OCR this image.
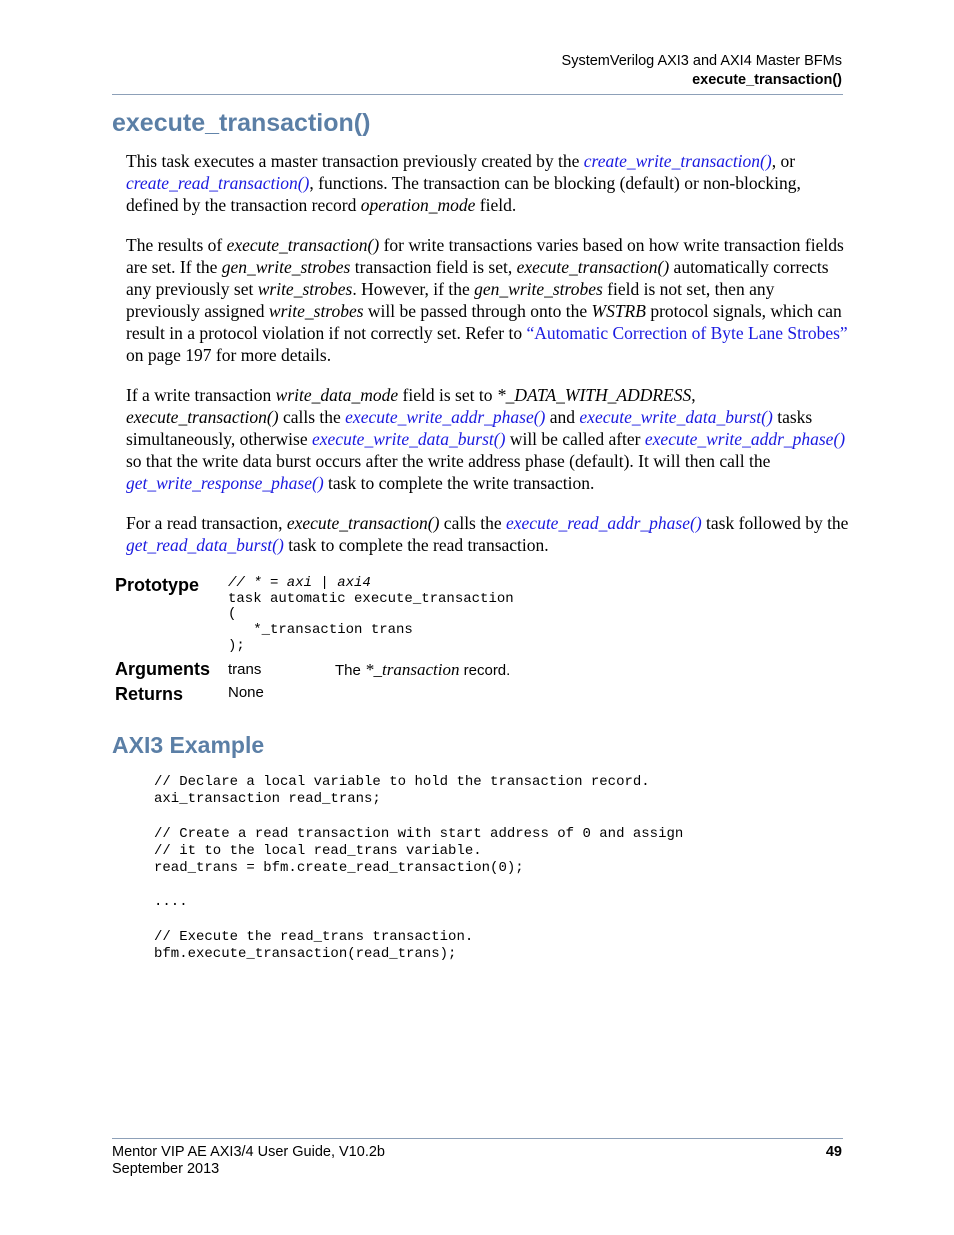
SystemVerilog AXI3 and AXI4 Master BFMs
execute_transaction()
execute_transaction()

This task executes a master transaction previously created by the create_write_transaction(), or create_read_transaction(), functions. The transaction can be blocking (default) or non-blocking, defined by the transaction record operation_mode field.

The results of execute_transaction() for write transactions varies based on how write transaction fields are set. If the gen_write_strobes transaction field is set, execute_transaction() automatically corrects any previously set write_strobes. However, if the gen_write_strobes field is not set, then any previously assigned write_strobes will be passed through onto the WSTRB protocol signals, which can result in a protocol violation if not correctly set. Refer to “Automatic Correction of Byte Lane Strobes” on page 197 for more details.

If a write transaction write_data_mode field is set to *_DATA_WITH_ADDRESS, execute_transaction() calls the execute_write_addr_phase() and execute_write_data_burst() tasks simultaneously, otherwise execute_write_data_burst() will be called after execute_write_addr_phase() so that the write data burst occurs after the write address phase (default). It will then call the get_write_response_phase() task to complete the write transaction.

For a read transaction, execute_transaction() calls the execute_read_addr_phase() task followed by the get_read_data_burst() task to complete the read transaction.

Prototype // * = axi | axi4
task automatic execute_transaction
(
*_transaction trans
);
Arguments trans	The *_transaction record.
Returns	None
AXI3 Example
// Declare a local variable to hold the transaction record.
axi_transaction read_trans;

// Create a read transaction with start address of 0 and assign
// it to the local read_trans variable.
read_trans = bfm.create_read_transaction(0);

....

// Execute the read_trans transaction.
bfm.execute_transaction(read_trans);
Mentor VIP AE AXI3/4 User Guide, V10.2b
September 2013
49
